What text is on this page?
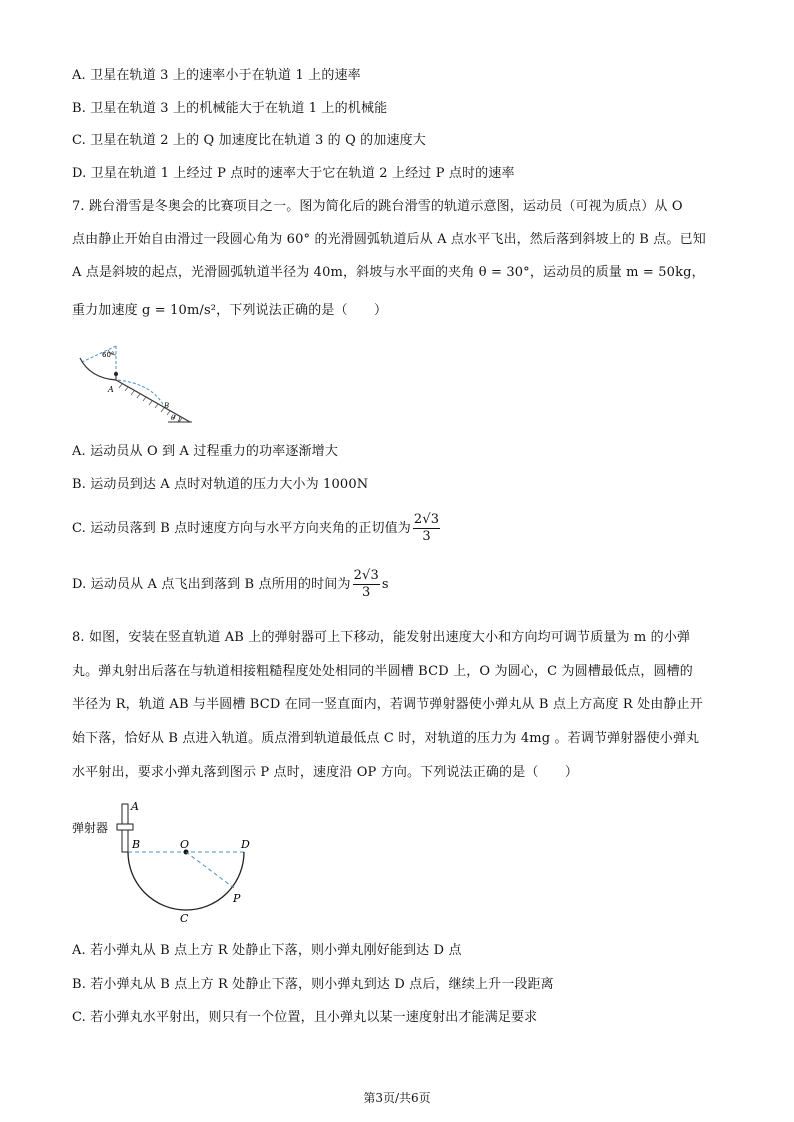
A. 卫星在轨道 3 上的速率小于在轨道 1 上的速率
B. 卫星在轨道 3 上的机械能大于在轨道 1 上的机械能
C. 卫星在轨道 2 上的 Q 加速度比在轨道 3 的 Q 的加速度大
D. 卫星在轨道 1 上经过 P 点时的速率大于它在轨道 2 上经过 P 点时的速率
7. 跳台滑雪是冬奥会的比赛项目之一。图为简化后的跳台滑雪的轨道示意图，运动员（可视为质点）从 O
点由静止开始自由滑过一段圆心角为 60° 的光滑圆弧轨道后从 A 点水平飞出，然后落到斜坡上的 B 点。已知
A 点是斜坡的起点，光滑圆弧轨道半径为 40m，斜坡与水平面的夹角 θ = 30°，运动员的质量 m = 50kg，
重力加速度 g = 10m/s²，下列说法正确的是（　　）
60°
A
B
θ
A. 运动员从 O 到 A 过程重力的功率逐渐增大
B. 运动员到达 A 点时对轨道的压力大小为 1000N
C. 运动员落到 B 点时速度方向与水平方向夹角的正切值为 $\frac{2√3}{3}$
D. 运动员从 A 点飞出到落到 B 点所用的时间为 $\frac{2√3}{3}$ s
8. 如图，安装在竖直轨道 AB 上的弹射器可上下移动，能发射出速度大小和方向均可调节质量为 m 的小弹
丸。弹丸射出后落在与轨道相接粗糙程度处处相同的半圆槽 BCD 上，O 为圆心，C 为圆槽最低点，圆槽的
半径为 R，轨道 AB 与半圆槽 BCD 在同一竖直面内，若调节弹射器使小弹丸从 B 点上方高度 R 处由静止开
始下落，恰好从 B 点进入轨道。质点滑到轨道最低点 C 时，对轨道的压力为 4mg 。若调节弹射器使小弹丸
水平射出，要求小弹丸落到图示 P 点时，速度沿 OP 方向。下列说法正确的是（　　）
弹射器
A
B	O	D
P
C
A. 若小弹丸从 B 点上方 R 处静止下落，则小弹丸刚好能到达 D 点
B. 若小弹丸从 B 点上方 R 处静止下落，则小弹丸到达 D 点后，继续上升一段距离
C. 若小弹丸水平射出，则只有一个位置，且小弹丸以某一速度射出才能满足要求
第3页/共6页
